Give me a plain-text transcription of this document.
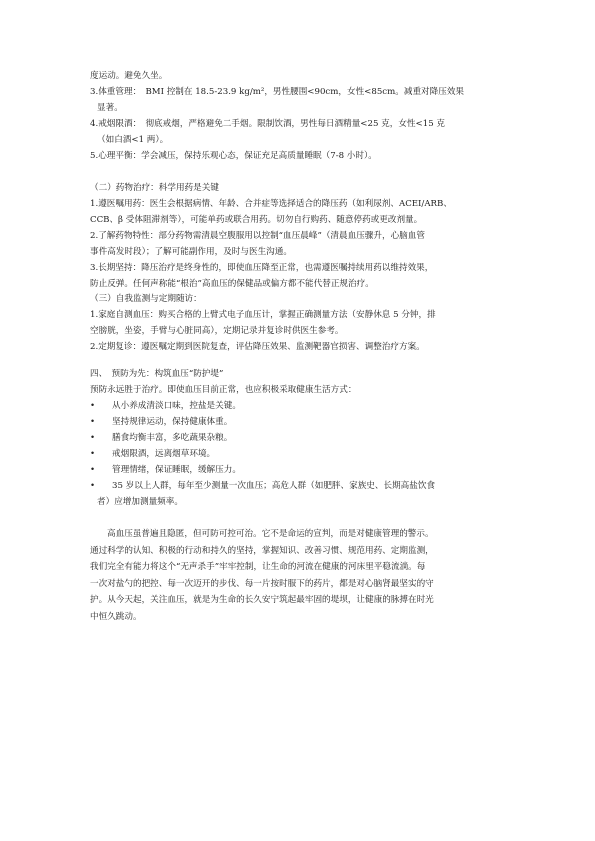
度运动。避免久坐。
3.体重管理：　BMI 控制在 18.5-23.9 kg/m²，男性腰围<90cm，女性<85cm。减重对降压效果
显著。
4.戒烟限酒：　彻底戒烟，严格避免二手烟。限制饮酒，男性每日酒精量<25 克，女性<15 克
（如白酒<1 两）。
5.心理平衡：学会减压，保持乐观心态，保证充足高质量睡眠（7-8 小时）。
（二）药物治疗：科学用药是关键
1.遵医嘱用药：医生会根据病情、年龄、合并症等选择适合的降压药（如利尿剂、ACEI/ARB、
CCB、β 受体阻滞剂等），可能单药或联合用药。切勿自行购药、随意停药或更改剂量。
2.了解药物特性：部分药物需清晨空腹服用以控制“血压晨峰”（清晨血压骤升，心脑血管
事件高发时段）；了解可能副作用，及时与医生沟通。
3.长期坚持：降压治疗是终身性的，即使血压降至正常，也需遵医嘱持续用药以维持效果，
防止反弹。任何声称能“根治”高血压的保健品或偏方都不能代替正规治疗。
（三）自我监测与定期随访：
1.家庭自测血压：购买合格的上臂式电子血压计，掌握正确测量方法（安静休息 5 分钟，排
空膀胱，坐姿，手臂与心脏同高），定期记录并复诊时供医生参考。
2.定期复诊：遵医嘱定期到医院复查，评估降压效果、监测靶器官损害、调整治疗方案。
四、　预防为先：构筑血压“防护堤”
预防永远胜于治疗。即使血压目前正常，也应积极采取健康生活方式：
•	从小养成清淡口味，控盐是关键。
•	坚持规律运动，保持健康体重。
•	膳食均衡丰富，多吃蔬果杂粮。
•	戒烟限酒，远离烟草环境。
•	管理情绪，保证睡眠，缓解压力。
•	35 岁以上人群，每年至少测量一次血压；高危人群（如肥胖、家族史、长期高盐饮食
者）应增加测量频率。
高血压虽普遍且隐匿，但可防可控可治。它不是命运的宣判，而是对健康管理的警示。
通过科学的认知、积极的行动和持久的坚持，掌握知识、改善习惯、规范用药、定期监测，
我们完全有能力将这个“无声杀手”牢牢控制，让生命的河流在健康的河床里平稳流淌。每
一次对盐勺的把控、每一次迈开的步伐、每一片按时服下的药片，都是对心脑肾最坚实的守
护。从今天起，关注血压，就是为生命的长久安宁筑起最牢固的堤坝，让健康的脉搏在时光
中恒久跳动。
